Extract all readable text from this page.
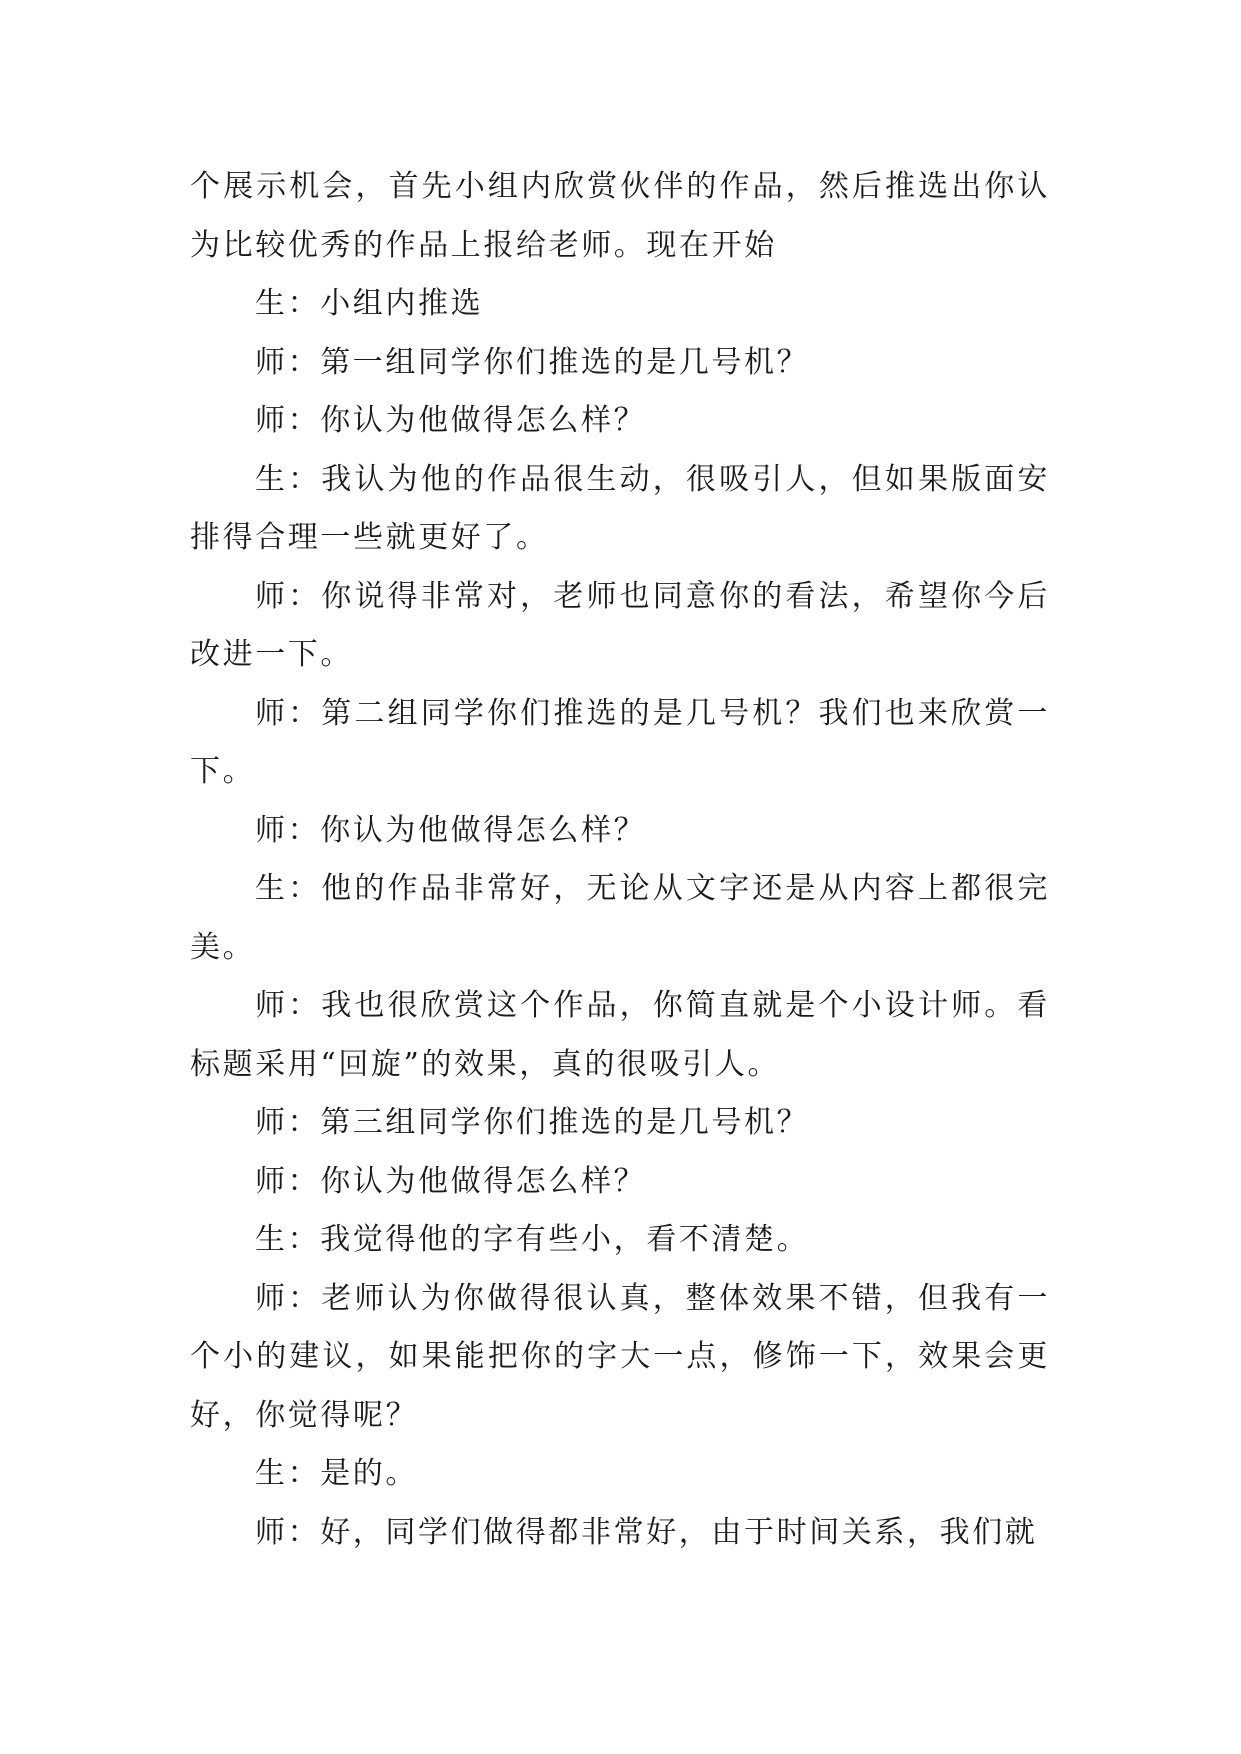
个展示机会，首先小组内欣赏伙伴的作品，然后推选出你认为比较优秀的作品上报给老师。现在开始

生：小组内推选

师：第一组同学你们推选的是几号机？

师：你认为他做得怎么样？

生：我认为他的作品很生动，很吸引人，但如果版面安排得合理一些就更好了。

师：你说得非常对，老师也同意你的看法，希望你今后改进一下。

师：第二组同学你们推选的是几号机？我们也来欣赏一下。

师：你认为他做得怎么样？

生：他的作品非常好，无论从文字还是从内容上都很完美。

师：我也很欣赏这个作品，你简直就是个小设计师。看标题采用“回旋”的效果，真的很吸引人。

师：第三组同学你们推选的是几号机？

师：你认为他做得怎么样？

生：我觉得他的字有些小，看不清楚。

师：老师认为你做得很认真，整体效果不错，但我有一个小的建议，如果能把你的字大一点，修饰一下，效果会更好，你觉得呢？

生：是的。

师：好，同学们做得都非常好，由于时间关系，我们就
